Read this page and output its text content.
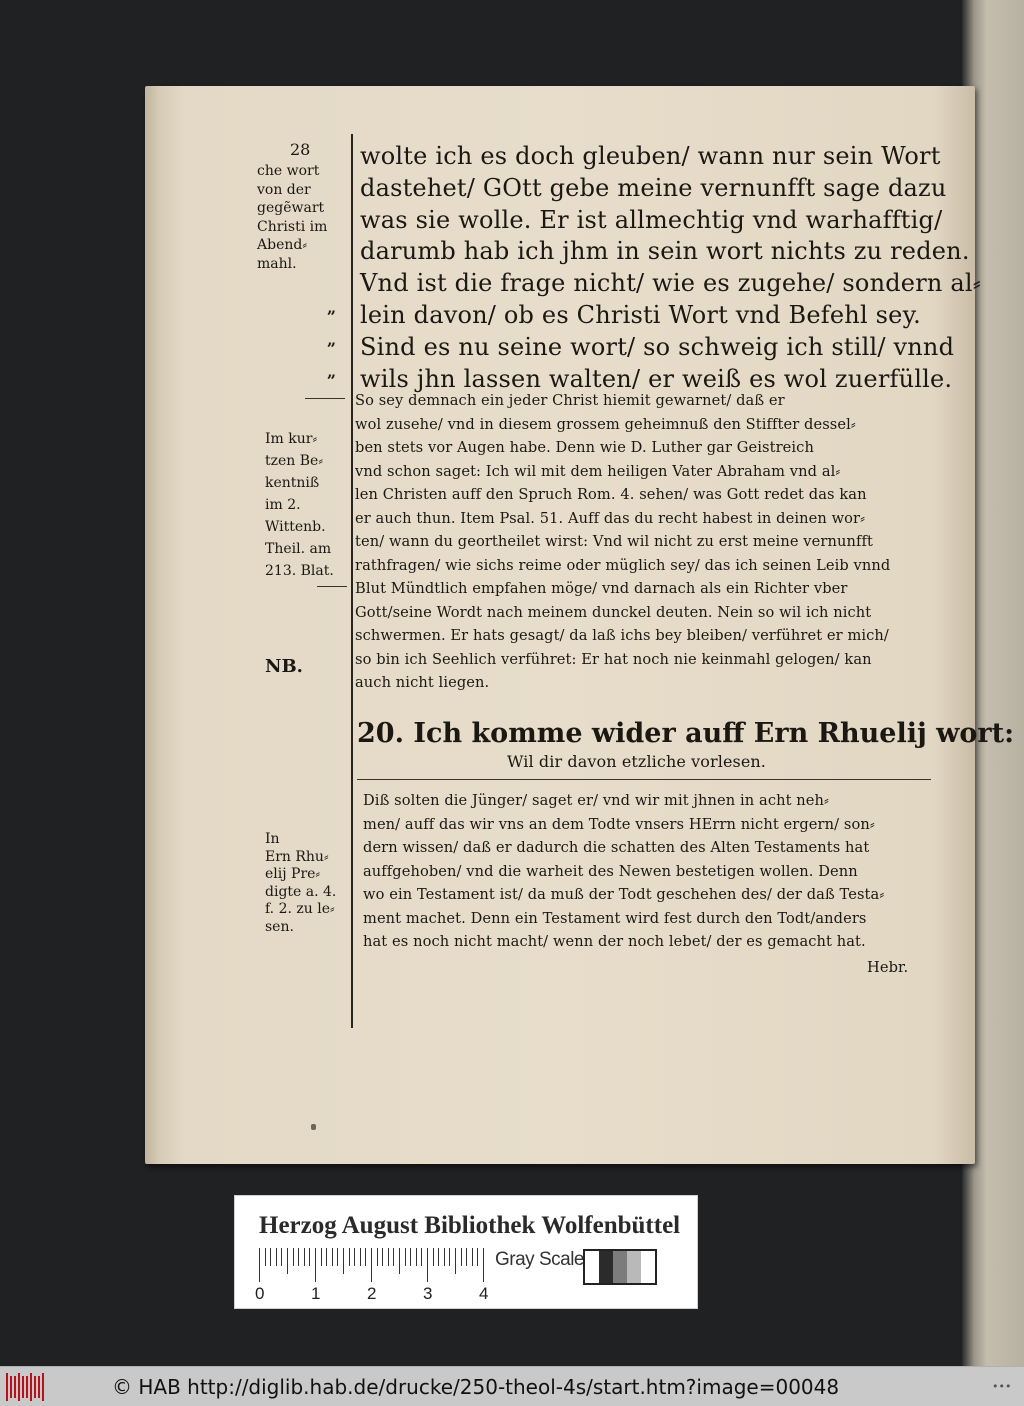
28
che wort
von der
gegẽwart
Christi im
Abend⸗
mahl.
„
„
„
Im kur⸗
tzen Be⸗
kentniß
im 2.
Wittenb.
Theil. am
213. Blat.
NB.
In
Ern Rhu⸗
elij Pre⸗
digte a. 4.
f. 2. zu le⸗
sen.
wolte ich es doch gleuben/ wann nur sein Wort
dastehet/ GOtt gebe meine vernunfft sage dazu
was sie wolle. Er ist allmechtig vnd warhafftig/
darumb hab ich jhm in sein wort nichts zu reden.
Vnd ist die frage nicht/ wie es zugehe/ sondern al⸗
lein davon/ ob es Christi Wort vnd Befehl sey.
Sind es nu seine wort/ so schweig ich still/ vnnd
wils jhn lassen walten/ er weiß es wol zuerfülle.
So sey demnach ein jeder Christ hiemit gewarnet/ daß er
wol zusehe/ vnd in diesem grossem geheimnuß den Stiffter dessel⸗
ben stets vor Augen habe. Denn wie D. Luther gar Geistreich
vnd schon saget: Ich wil mit dem heiligen Vater Abraham vnd al⸗
len Christen auff den Spruch Rom. 4. sehen/ was Gott redet das kan
er auch thun. Item Psal. 51. Auff das du recht habest in deinen wor⸗
ten/ wann du geortheilet wirst: Vnd wil nicht zu erst meine vernunfft
rathfragen/ wie sichs reime oder müglich sey/ das ich seinen Leib vnnd
Blut Mündtlich empfahen möge/ vnd darnach als ein Richter vber
Gott/seine Wordt nach meinem dunckel deuten. Nein so wil ich nicht
schwermen. Er hats gesagt/ da laß ichs bey bleiben/ verführet er mich/
so bin ich Seehlich verführet: Er hat noch nie keinmahl gelogen/ kan
auch nicht liegen.
20. Ich komme wider auff Ern Rhuelij wort:
Wil dir davon etzliche vorlesen.
Diß solten die Jünger/ saget er/ vnd wir mit jhnen in acht neh⸗
men/ auff das wir vns an dem Todte vnsers HErrn nicht ergern/ son⸗
dern wissen/ daß er dadurch die schatten des Alten Testaments hat
auffgehoben/ vnd die warheit des Newen bestetigen wollen. Denn
wo ein Testament ist/ da muß der Todt geschehen des/ der daß Testa⸗
ment machet. Denn ein Testament wird fest durch den Todt/anders
hat es noch nicht macht/ wenn der noch lebet/ der es gemacht hat.
Hebr.
Herzog August Bibliothek Wolfenbüttel
0	1	2	3	4
Gray Scale
© HAB http://diglib.hab.de/drucke/250-theol-4s/start.htm?image=00048	•••
